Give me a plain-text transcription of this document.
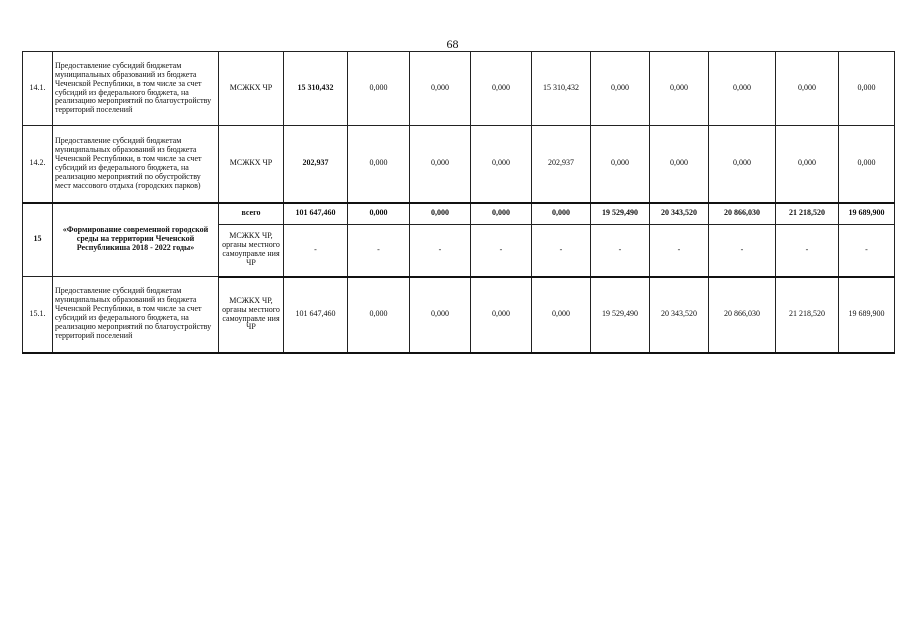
68
14.1.	Предоставление субсидий бюджетам муниципальных образований из бюджета Чеченской Республики, в том числе за счет субсидий из федерального бюджета, на реализацию мероприятий по благоустройству территорий поселений	МСЖКХ ЧР	15 310,432	0,000	0,000	0,000	15 310,432	0,000	0,000	0,000	0,000	0,000
14.2.	Предоставление субсидий бюджетам муниципальных образований из бюджета Чеченской Республики, в том числе за счет субсидий из федерального бюджета, на реализацию мероприятий по обустройству мест массового отдыха (городских парков)	МСЖКХ ЧР	202,937	0,000	0,000	0,000	202,937	0,000	0,000	0,000	0,000	0,000
15	«Формирование современной городской среды на территории Чеченской Республикиша 2018 - 2022 годы»	всего	101 647,460	0,000	0,000	0,000	0,000	19 529,490	20 343,520	20 866,030	21 218,520	19 689,900
		МСЖКХ ЧР, органы местного самоуправле ния ЧР	-	-	-	-	-	-	-	-	-	-
15.1.	Предоставление субсидий бюджетам муниципальных образований из бюджета Чеченской Республики, в том числе за счет субсидий из федерального бюджета, на реализацию мероприятий по благоустройству территорий поселений	МСЖКХ ЧР, органы местного самоуправле ния ЧР	101 647,460	0,000	0,000	0,000	0,000	19 529,490	20 343,520	20 866,030	21 218,520	19 689,900
